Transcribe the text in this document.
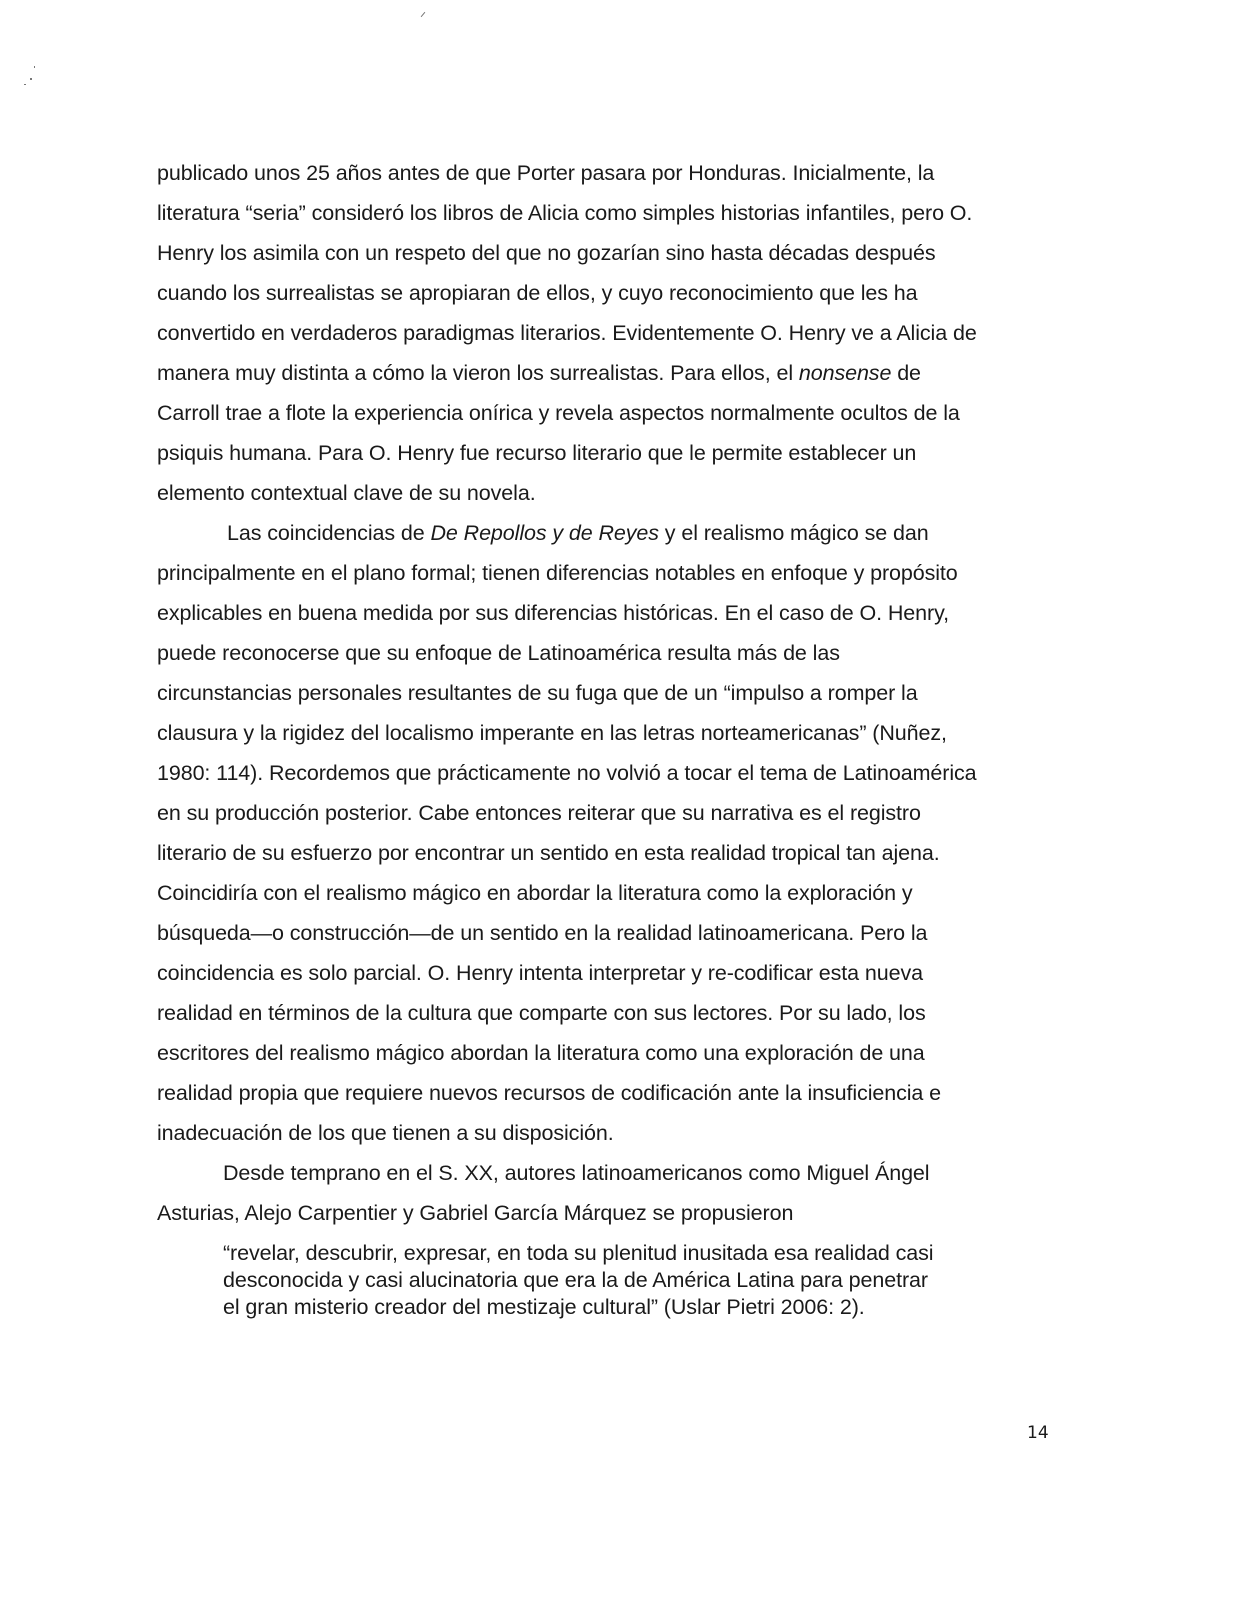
publicado unos 25 años antes de que Porter pasara por Honduras. Inicialmente, la
literatura “seria” consideró los libros de Alicia como simples historias infantiles, pero O.
Henry los asimila con un respeto del que no gozarían sino hasta décadas después
cuando los surrealistas se apropiaran de ellos, y cuyo reconocimiento que les ha
convertido en verdaderos paradigmas literarios. Evidentemente O. Henry ve a Alicia de
manera muy distinta a cómo la vieron los surrealistas. Para ellos, el nonsense de
Carroll trae a flote la experiencia onírica y revela aspectos normalmente ocultos de la
psiquis humana. Para O. Henry fue recurso literario que le permite establecer un
elemento contextual clave de su novela.

Las coincidencias de De Repollos y de Reyes y el realismo mágico se dan
principalmente en el plano formal; tienen diferencias notables en enfoque y propósito
explicables en buena medida por sus diferencias históricas. En el caso de O. Henry,
puede reconocerse que su enfoque de Latinoamérica resulta más de las
circunstancias personales resultantes de su fuga que de un “impulso a romper la
clausura y la rigidez del localismo imperante en las letras norteamericanas” (Nuñez,
1980: 114). Recordemos que prácticamente no volvió a tocar el tema de Latinoamérica
en su producción posterior. Cabe entonces reiterar que su narrativa es el registro
literario de su esfuerzo por encontrar un sentido en esta realidad tropical tan ajena.
Coincidiría con el realismo mágico en abordar la literatura como la exploración y
búsqueda—o construcción—de un sentido en la realidad latinoamericana. Pero la
coincidencia es solo parcial. O. Henry intenta interpretar y re-codificar esta nueva
realidad en términos de la cultura que comparte con sus lectores. Por su lado, los
escritores del realismo mágico abordan la literatura como una exploración de una
realidad propia que requiere nuevos recursos de codificación ante la insuficiencia e
inadecuación de los que tienen a su disposición.

Desde temprano en el S. XX, autores latinoamericanos como Miguel Ángel
Asturias, Alejo Carpentier y Gabriel García Márquez se propusieron

“revelar, descubrir, expresar, en toda su plenitud inusitada esa realidad casi
desconocida y casi alucinatoria que era la de América Latina para penetrar
el gran misterio creador del mestizaje cultural” (Uslar Pietri 2006: 2).
14
